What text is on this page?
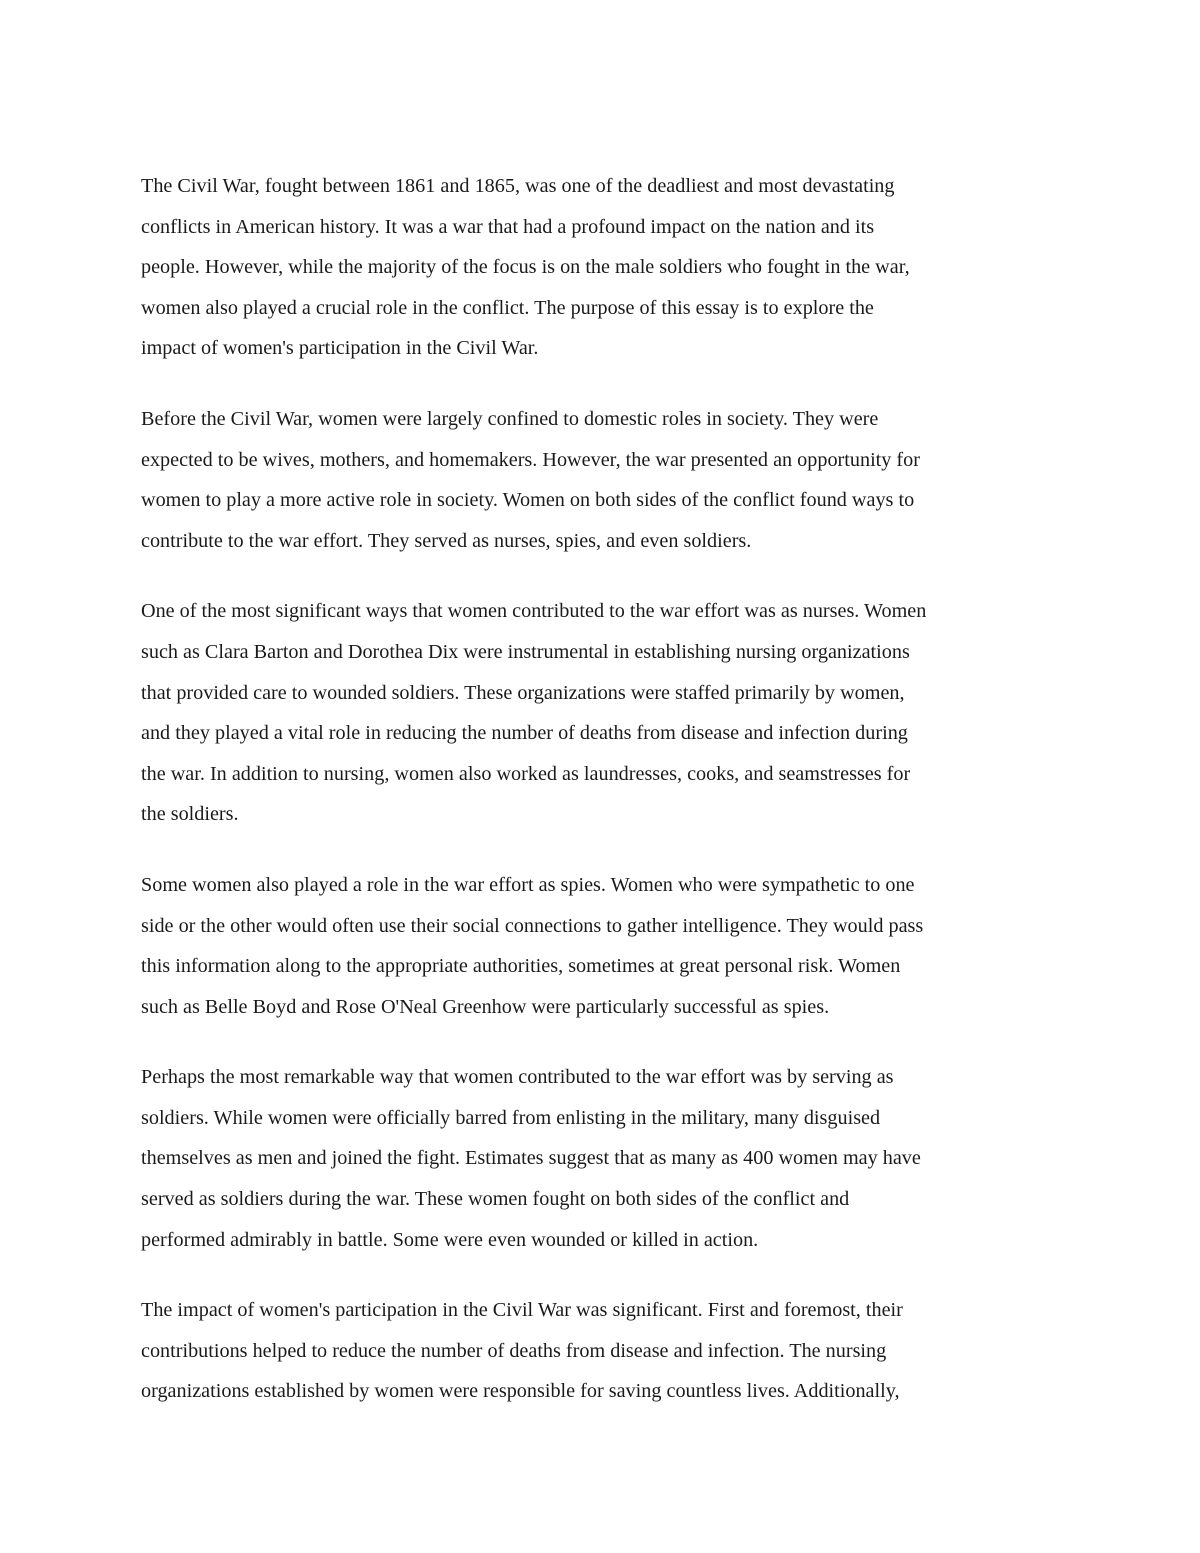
The Civil War, fought between 1861 and 1865, was one of the deadliest and most devastating
conflicts in American history. It was a war that had a profound impact on the nation and its
people. However, while the majority of the focus is on the male soldiers who fought in the war,
women also played a crucial role in the conflict. The purpose of this essay is to explore the
impact of women's participation in the Civil War.

Before the Civil War, women were largely confined to domestic roles in society. They were
expected to be wives, mothers, and homemakers. However, the war presented an opportunity for
women to play a more active role in society. Women on both sides of the conflict found ways to
contribute to the war effort. They served as nurses, spies, and even soldiers.

One of the most significant ways that women contributed to the war effort was as nurses. Women
such as Clara Barton and Dorothea Dix were instrumental in establishing nursing organizations
that provided care to wounded soldiers. These organizations were staffed primarily by women,
and they played a vital role in reducing the number of deaths from disease and infection during
the war. In addition to nursing, women also worked as laundresses, cooks, and seamstresses for
the soldiers.

Some women also played a role in the war effort as spies. Women who were sympathetic to one
side or the other would often use their social connections to gather intelligence. They would pass
this information along to the appropriate authorities, sometimes at great personal risk. Women
such as Belle Boyd and Rose O'Neal Greenhow were particularly successful as spies.

Perhaps the most remarkable way that women contributed to the war effort was by serving as
soldiers. While women were officially barred from enlisting in the military, many disguised
themselves as men and joined the fight. Estimates suggest that as many as 400 women may have
served as soldiers during the war. These women fought on both sides of the conflict and
performed admirably in battle. Some were even wounded or killed in action.

The impact of women's participation in the Civil War was significant. First and foremost, their
contributions helped to reduce the number of deaths from disease and infection. The nursing
organizations established by women were responsible for saving countless lives. Additionally,
